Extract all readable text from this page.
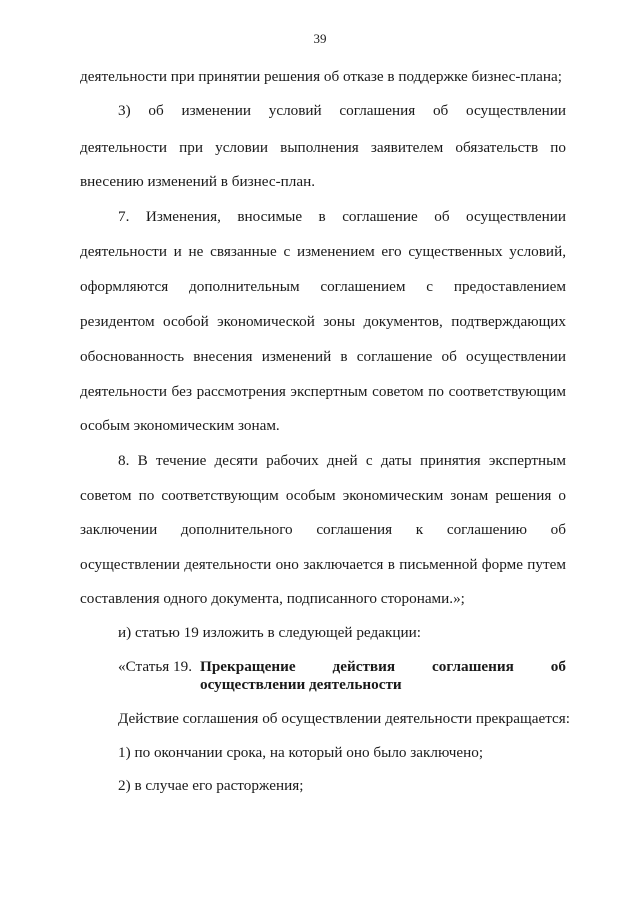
39
деятельности при принятии решения об отказе в поддержке бизнес-плана;
3) об изменении условий соглашения об осуществлении
деятельности при условии выполнения заявителем обязательств по
внесению изменений в бизнес-план.
7. Изменения, вносимые в соглашение об осуществлении
деятельности и не связанные с изменением его существенных условий,
оформляются дополнительным соглашением с предоставлением
резидентом особой экономической зоны документов, подтверждающих
обоснованность внесения изменений в соглашение об осуществлении
деятельности без рассмотрения экспертным советом по соответствующим
особым экономическим зонам.
8. В течение десяти рабочих дней с даты принятия экспертным
советом по соответствующим особым экономическим зонам решения о
заключении дополнительного соглашения к соглашению об
осуществлении деятельности оно заключается в письменной форме путем
составления одного документа, подписанного сторонами.»;
и) статью 19 изложить в следующей редакции:
«Статья 19. Прекращение действия соглашения об
осуществлении деятельности
Действие соглашения об осуществлении деятельности прекращается:
1) по окончании срока, на который оно было заключено;
2) в случае его расторжения;
